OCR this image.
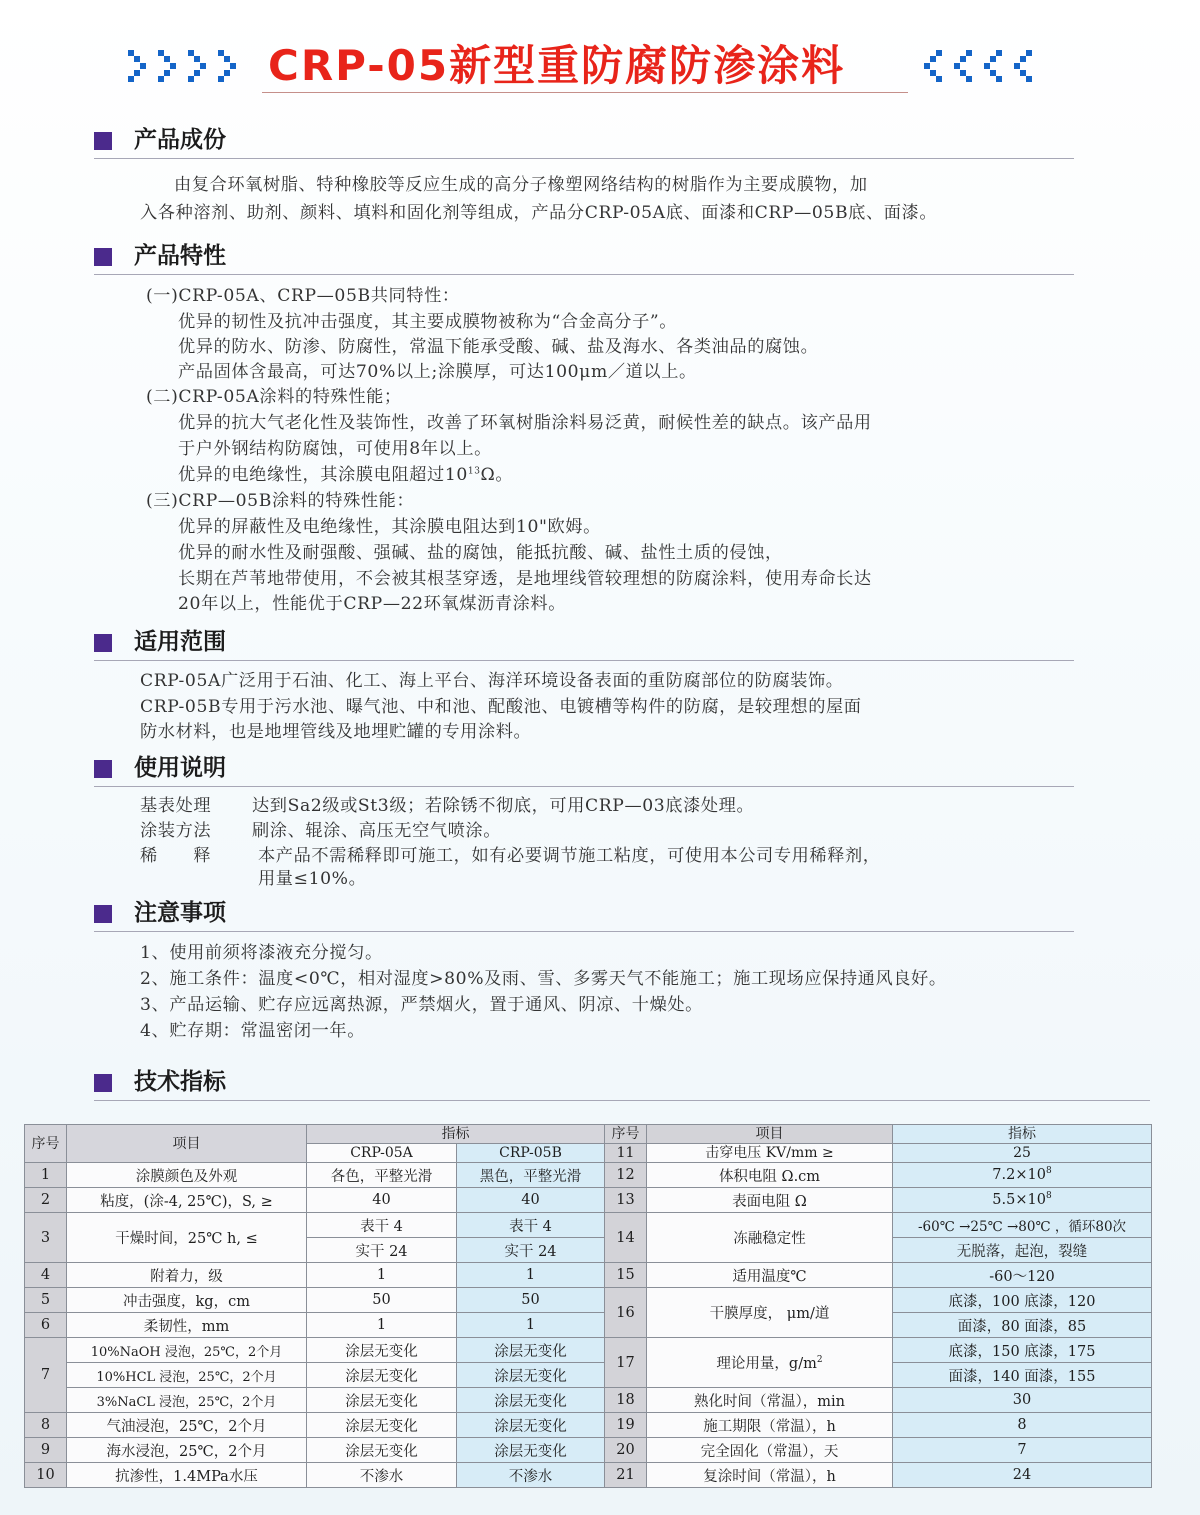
CRP-05新型重防腐防渗涂料
产品成份
由复合环氧树脂、特种橡胶等反应生成的高分子橡塑网络结构的树脂作为主要成膜物，加
入各种溶剂、助剂、颜料、填料和固化剂等组成，产品分CRP-05A底、面漆和CRP—05B底、面漆。
产品特性
(一)CRP-05A、CRP—05B共同特性：
优异的韧性及抗冲击强度，其主要成膜物被称为“合金高分子”。
优异的防水、防渗、防腐性，常温下能承受酸、碱、盐及海水、各类油品的腐蚀。
产品固体含最高，可达70%以上;涂膜厚，可达100μm／道以上。
(二)CRP-05A涂料的特殊性能；
优异的抗大气老化性及装饰性，改善了环氧树脂涂料易泛黄，耐候性差的缺点。该产品用
于户外钢结构防腐蚀，可使用8年以上。
优异的电绝缘性，其涂膜电阻超过$10^{13}\Omega$。
(三)CRP—05B涂料的特殊性能：
优异的屏蔽性及电绝缘性，其涂膜电阻达到10"欧姆。
优异的耐水性及耐强酸、强碱、盐的腐蚀，能抵抗酸、碱、盐性土质的侵蚀，
长期在芦苇地带使用，不会被其根茎穿透，是地埋线管较理想的防腐涂料，使用寿命长达
20年以上，性能优于CRP—22环氧煤沥青涂料。
适用范围
CRP-05A广泛用于石油、化工、海上平台、海洋环境设备表面的重防腐部位的防腐装饰。
CRP-05B专用于污水池、曝气池、中和池、配酸池、电镀槽等构件的防腐，是较理想的屋面
防水材料，也是地埋管线及地埋贮罐的专用涂料。
使用说明
基表处理 达到Sa2级或St3级；若除锈不彻底，可用CRP—03底漆处理。
涂装方法 刷涂、辊涂、高压无空气喷涂。
稀　　释	本产品不需稀释即可施工，如有必要调节施工粘度，可使用本公司专用稀释剂，
用量≤10%。
注意事项
1、使用前须将漆液充分搅匀。
2、施工条件：温度<0℃，相对湿度>80%及雨、雪、多雾天气不能施工；施工现场应保持通风良好。
3、产品运输、贮存应远离热源，严禁烟火，置于通风、阴凉、十燥处。
4、贮存期：常温密闭一年。
技术指标
序号	项目	指标		序号	项目	指标
		CRP-05A	CRP-05B	11	击穿电压 KV/mm ≥	25
1	涂膜颜色及外观	各色，平整光滑	黑色，平整光滑	12	体积电阻 Ω.cm	$7.2\times 10^8$
2	粘度，(涂-4, 25℃)，S, ≥	40	40	13	表面电阻 Ω	$5.5\times 10^8$
3	干燥时间，25℃ h, ≤	表干 4	表干 4	14	冻融稳定性	-60℃ →25℃ →80℃ ，循环80次
		实干 24	实干 24			无脱落，起泡，裂缝
4	附着力，级	1	1	15	适用温度℃	-60～120
5	冲击强度，kg，cm	50	50	16	干膜厚度， μm/道	底漆，100 底漆，120
6	柔韧性，mm	1	1			面漆，80 面漆，85
7	10%NaOH 浸泡，25℃，2个月	涂层无变化	涂层无变化	17	理论用量，$g/m^2$	底漆，150 底漆，175
	10%HCL 浸泡，25℃，2个月	涂层无变化	涂层无变化			面漆，140 面漆，155
	3%NaCL 浸泡，25℃，2个月	涂层无变化	涂层无变化	18	熟化时间（常温），min	30
8	气油浸泡，25℃，2个月	涂层无变化	涂层无变化	19	施工期限（常温），h	8
9	海水浸泡，25℃，2个月	涂层无变化	涂层无变化	20	完全固化（常温），天	7
10	抗渗性，1.4MPa水压	不渗水	不渗水	21	复涂时间（常温），h	24
